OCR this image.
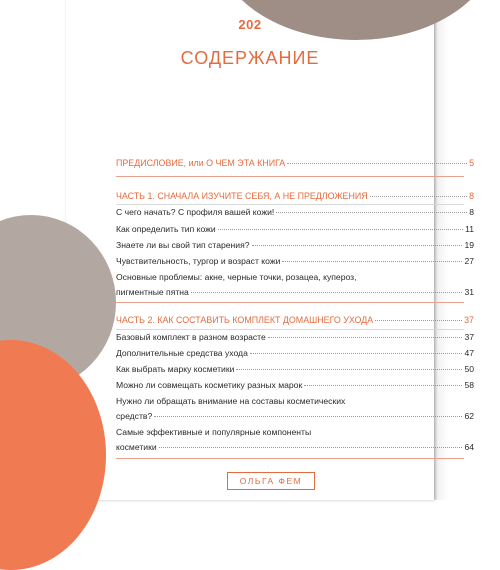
202
СОДЕРЖАНИЕ
ПРЕДИСЛОВИЕ, или О ЧЕМ ЭТА КНИГА	5
ЧАСТЬ 1. СНАЧАЛА ИЗУЧИТЕ СЕБЯ, А НЕ ПРЕДЛОЖЕНИЯ	8
С чего начать? С профиля вашей кожи!	8
Как определить тип кожи	11
Знаете ли вы свой тип старения?	19
Чувствительность, тургор и возраст кожи	27
Основные проблемы: акне, черные точки, розацеа, купероз,
пигментные пятна	31
ЧАСТЬ 2. КАК СОСТАВИТЬ КОМПЛЕКТ ДОМАШНЕГО УХОДА	37
Базовый комплект в разном возрасте	37
Дополнительные средства ухода	47
Как выбрать марку косметики	50
Можно ли совмещать косметику разных марок	58
Нужно ли обращать внимание на составы косметических
средств?	62
Самые эффективные и популярные компоненты
косметики	64
ОЛЬГА ФЕМ
